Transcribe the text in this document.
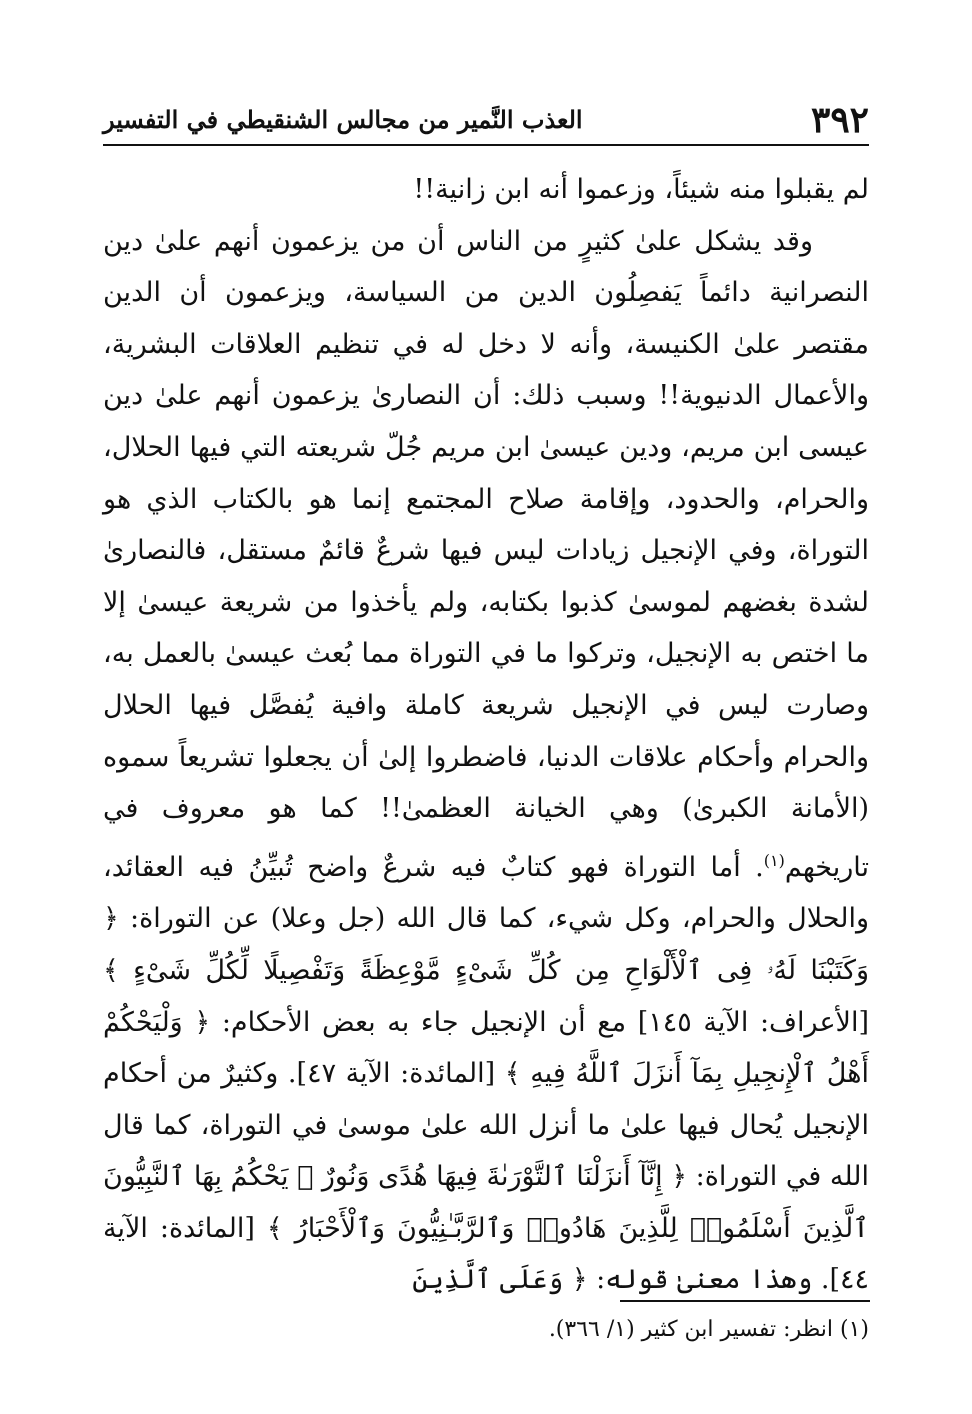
٣٩٢
العذب النَّمير من مجالس الشنقيطي في التفسير

لم يقبلوا منه شيئاً، وزعموا أنه ابن زانية!!

وقد يشكل علىٰ كثيرٍ من الناس أن من يزعمون أنهم علىٰ دين النصرانية دائماً يَفصِلُون الدين من السياسة، ويزعمون أن الدين مقتصر علىٰ الكنيسة، وأنه لا دخل له في تنظيم العلاقات البشرية، والأعمال الدنيوية!! وسبب ذلك: أن النصارىٰ يزعمون أنهم علىٰ دين عيسى ابن مريم، ودين عيسىٰ ابن مريم جُلّ شريعته التي فيها الحلال، والحرام، والحدود، وإقامة صلاح المجتمع إنما هو بالكتاب الذي هو التوراة، وفي الإنجيل زيادات ليس فيها شرعٌ قائمٌ مستقل، فالنصارىٰ لشدة بغضهم لموسىٰ كذبوا بكتابه، ولم يأخذوا من شريعة عيسىٰ إلا ما اختص به الإنجيل، وتركوا ما في التوراة مما بُعث عيسىٰ بالعمل به، وصارت ليس في الإنجيل شريعة كاملة وافية يُفصَّل فيها الحلال والحرام وأحكام علاقات الدنيا، فاضطروا إلىٰ أن يجعلوا تشريعاً سموه (الأمانة الكبرىٰ) وهي الخيانة العظمىٰ!! كما هو معروف في تاريخهم$^{(١)}$. أما التوراة فهو كتابٌ فيه شرعٌ واضح تُبيِّنُ فيه العقائد، والحلال والحرام، وكل شيء، كما قال الله (جل وعلا) عن التوراة: ﴿ وَكَتَبْنَا لَهُۥ فِى ٱلْأَلْوَاحِ مِن كُلِّ شَىْءٍ مَّوْعِظَةً وَتَفْصِيلًا لِّكُلِّ شَىْءٍ ﴾ [الأعراف: الآية ١٤٥] مع أن الإنجيل جاء به بعض الأحكام: ﴿ وَلْيَحْكُمْ أَهْلُ ٱلْإِنجِيلِ بِمَآ أَنزَلَ ٱللَّهُ فِيهِ ﴾ [المائدة: الآية ٤٧]. وكثيرٌ من أحكام الإنجيل يُحال فيها علىٰ ما أنزل الله علىٰ موسىٰ في التوراة، كما قال الله في التوراة: ﴿ إِنَّآ أَنزَلْنَا ٱلتَّوْرَىٰةَ فِيهَا هُدًى وَنُورٌ ۚ يَحْكُمُ بِهَا ٱلنَّبِيُّونَ ٱلَّذِينَ أَسْلَمُوا۟ لِلَّذِينَ هَادُوا۟ وَٱلرَّبَّـٰنِيُّونَ وَٱلْأَحْبَارُ ﴾ [المائدة: الآية ٤٤]. وهذا معنىٰ قوله: ﴿ وَعَلَى ٱلَّذِينَ

(١) انظر: تفسير ابن كثير (١/ ٣٦٦).
